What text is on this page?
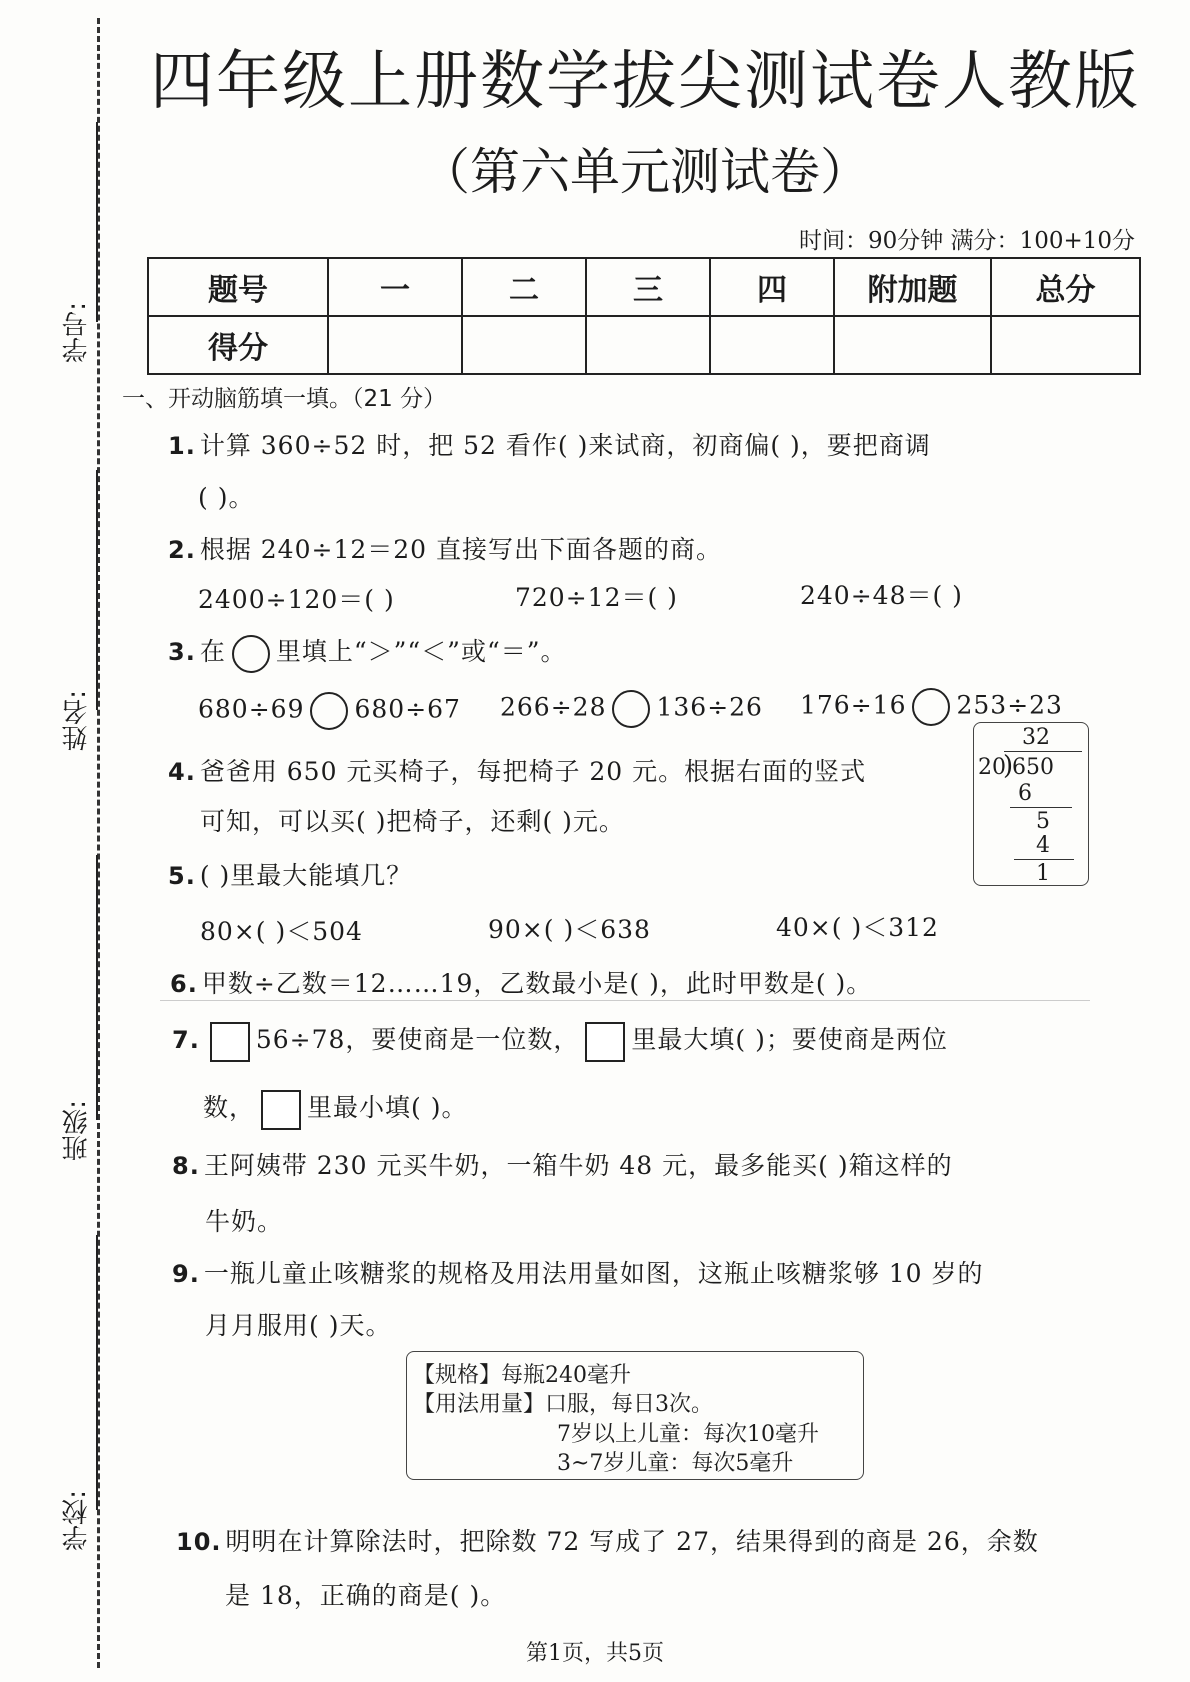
学号:
姓名:
班级:
学校:
四年级上册数学拔尖测试卷人教版
（第六单元测试卷）
时间：90分钟 满分：100+10分
题号	一	二	三	四	附加题	总分
得分						
一、开动脑筋填一填。（21 分）
1. 计算 360÷52 时，把 52 看作( )来试商，初商偏( )，要把商调
( )。
2. 根据 240÷12＝20 直接写出下面各题的商。
2400÷120＝( )	720÷12＝( )	240÷48＝( )
3. 在 里填上“＞”“＜”或“＝”。
680÷69 680÷67 266÷28 136÷26 176÷16 253÷23
4. 爸爸用 650 元买椅子，每把椅子 20 元。根据右面的竖式
可知，可以买( )把椅子，还剩( )元。
32
20
)
650
6
5
4
1
5. ( )里最大能填几？
80×( )＜504	90×( )＜638	40×( )＜312
6. 甲数÷乙数＝12……19，乙数最小是( )，此时甲数是( )。
7. 56÷78，要使商是一位数， 里最大填( )；要使商是两位
数， 里最小填( )。
8. 王阿姨带 230 元买牛奶，一箱牛奶 48 元，最多能买( )箱这样的
牛奶。
9. 一瓶儿童止咳糖浆的规格及用法用量如图，这瓶止咳糖浆够 10 岁的
月月服用( )天。
【规格】每瓶240毫升
【用法用量】口服，每日3次。
7岁以上儿童：每次10毫升
3~7岁儿童：每次5毫升
10. 明明在计算除法时，把除数 72 写成了 27，结果得到的商是 26，余数
是 18，正确的商是( )。
第1页，共5页
